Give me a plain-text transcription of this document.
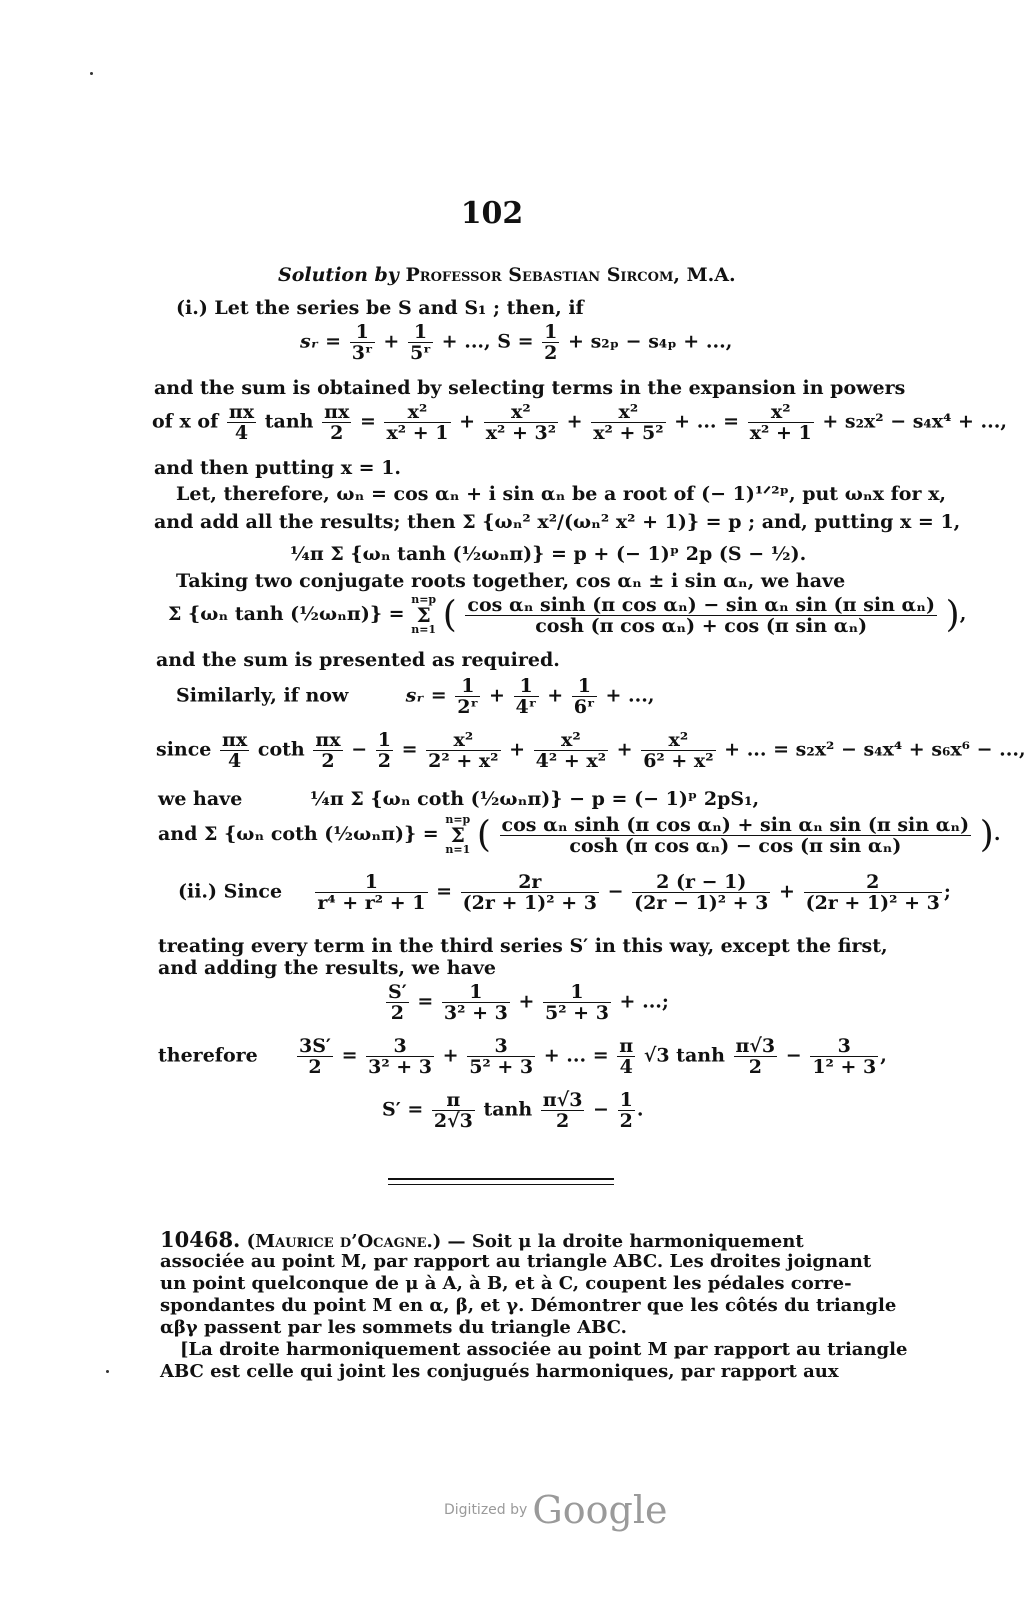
102
Solution by Professor Sebastian Sircom, M.A.
(i.) Let the series be S and S₁ ; then, if
sᵣ = $\frac{1}{\text{3ʳ}} + \frac{1}{\text{5ʳ}}$ + ..., $S = \frac{1}{2} + s_{2p} - s_{4p}$ + ...,
and the sum is obtained by selecting terms in the expansion in powers
of x of $\frac{\pi x}{4}$ $\tanh \frac{\pi x}{2} = \frac{\text{x²}}{\text{x² + 1}} + \frac{\text{x²}}{\text{x² + 3²}} + \frac{\text{x²}}{\text{x² + 5²}}$ + ... = $\frac{\text{x²}}{\text{x² + 1}} + s_2x^2 - s_4x^4$ + ...,
and then putting x = 1.
Let, therefore, ωₙ = cos αₙ + i sin αₙ be a root of (− 1)¹ᐟ²ᵖ, put ωₙx for x,
and add all the results; then Σ {ωₙ² x²/(ωₙ² x² + 1)} = p ; and, putting x = 1,
¼π Σ {ωₙ tanh (½ωₙπ)} = p + (− 1)ᵖ 2p (S − ½).
Taking two conjugate roots together, cos αₙ ± i sin αₙ, we have
Σ {ωₙ tanh (½ωₙπ)} =
n=p
Σ
n=1 ( $\frac{\text{cos αₙ sinh (π cos αₙ) − sin αₙ sin (π sin αₙ)}}{\text{cosh (π cos αₙ) + cos (π sin αₙ)}}$ ),
and the sum is presented as required.
Similarly, if now	sᵣ = $\frac{1}{\text{2ʳ}} + \frac{1}{\text{4ʳ}} + \frac{1}{\text{6ʳ}}$ + ...,
since $\frac{\pi x}{4}$ coth $\frac{\pi x}{2} - \frac{1}{2} = \frac{\text{x²}}{\text{2² + x²}} + \frac{\text{x²}}{\text{4² + x²}} + \frac{\text{x²}}{\text{6² + x²}}$ + ... = s₂x² − s₄x⁴ + s₆x⁶ − ...,
we have	¼π Σ {ωₙ coth (½ωₙπ)} − p = (− 1)ᵖ 2pS₁,
and Σ {ωₙ coth (½ωₙπ)} =
n=p
Σ
n=1 ( $\frac{\text{cos αₙ sinh (π cos αₙ) + sin αₙ sin (π sin αₙ)}}{\text{cosh (π cos αₙ) − cos (π sin αₙ)}}$ ).
(ii.) Since $\frac{1}{\text{r⁴ + r² + 1}} = \frac{2r}{\text{(2r + 1)² + 3}} - \frac{2 (r - 1)}{\text{(2r − 1)² + 3}} + \frac{2}{\text{(2r + 1)² + 3}}$ ;
treating every term in the third series S′ in this way, except the first,
and adding the results, we have
$\frac{S'}{2} = \frac{1}{\text{3² + 3}} + \frac{1}{\text{5² + 3}}$ + ...;
therefore $\frac{3S'}{2} = \frac{3}{\text{3² + 3}} + \frac{3}{\text{5² + 3}}$ + ... = $\frac{\pi}{4} √3$ $\tanh \frac{\pi√3}{2} - \frac{3}{\text{1² + 3}}$ ,
$S' = \frac{\pi}{2√3}$ $\tanh \frac{\pi√3}{2} - \frac{1}{2}$ .
10468. (Maurice d’Ocagne.) — Soit μ la droite harmoniquement
associée au point M, par rapport au triangle ABC. Les droites joignant
un point quelconque de μ à A, à B, et à C, coupent les pédales corre-
spondantes du point M en α, β, et γ. Démontrer que les côtés du triangle
αβγ passent par les sommets du triangle ABC.
[La droite harmoniquement associée au point M par rapport au triangle
ABC est celle qui joint les conjugués harmoniques, par rapport aux
Digitized by Google
